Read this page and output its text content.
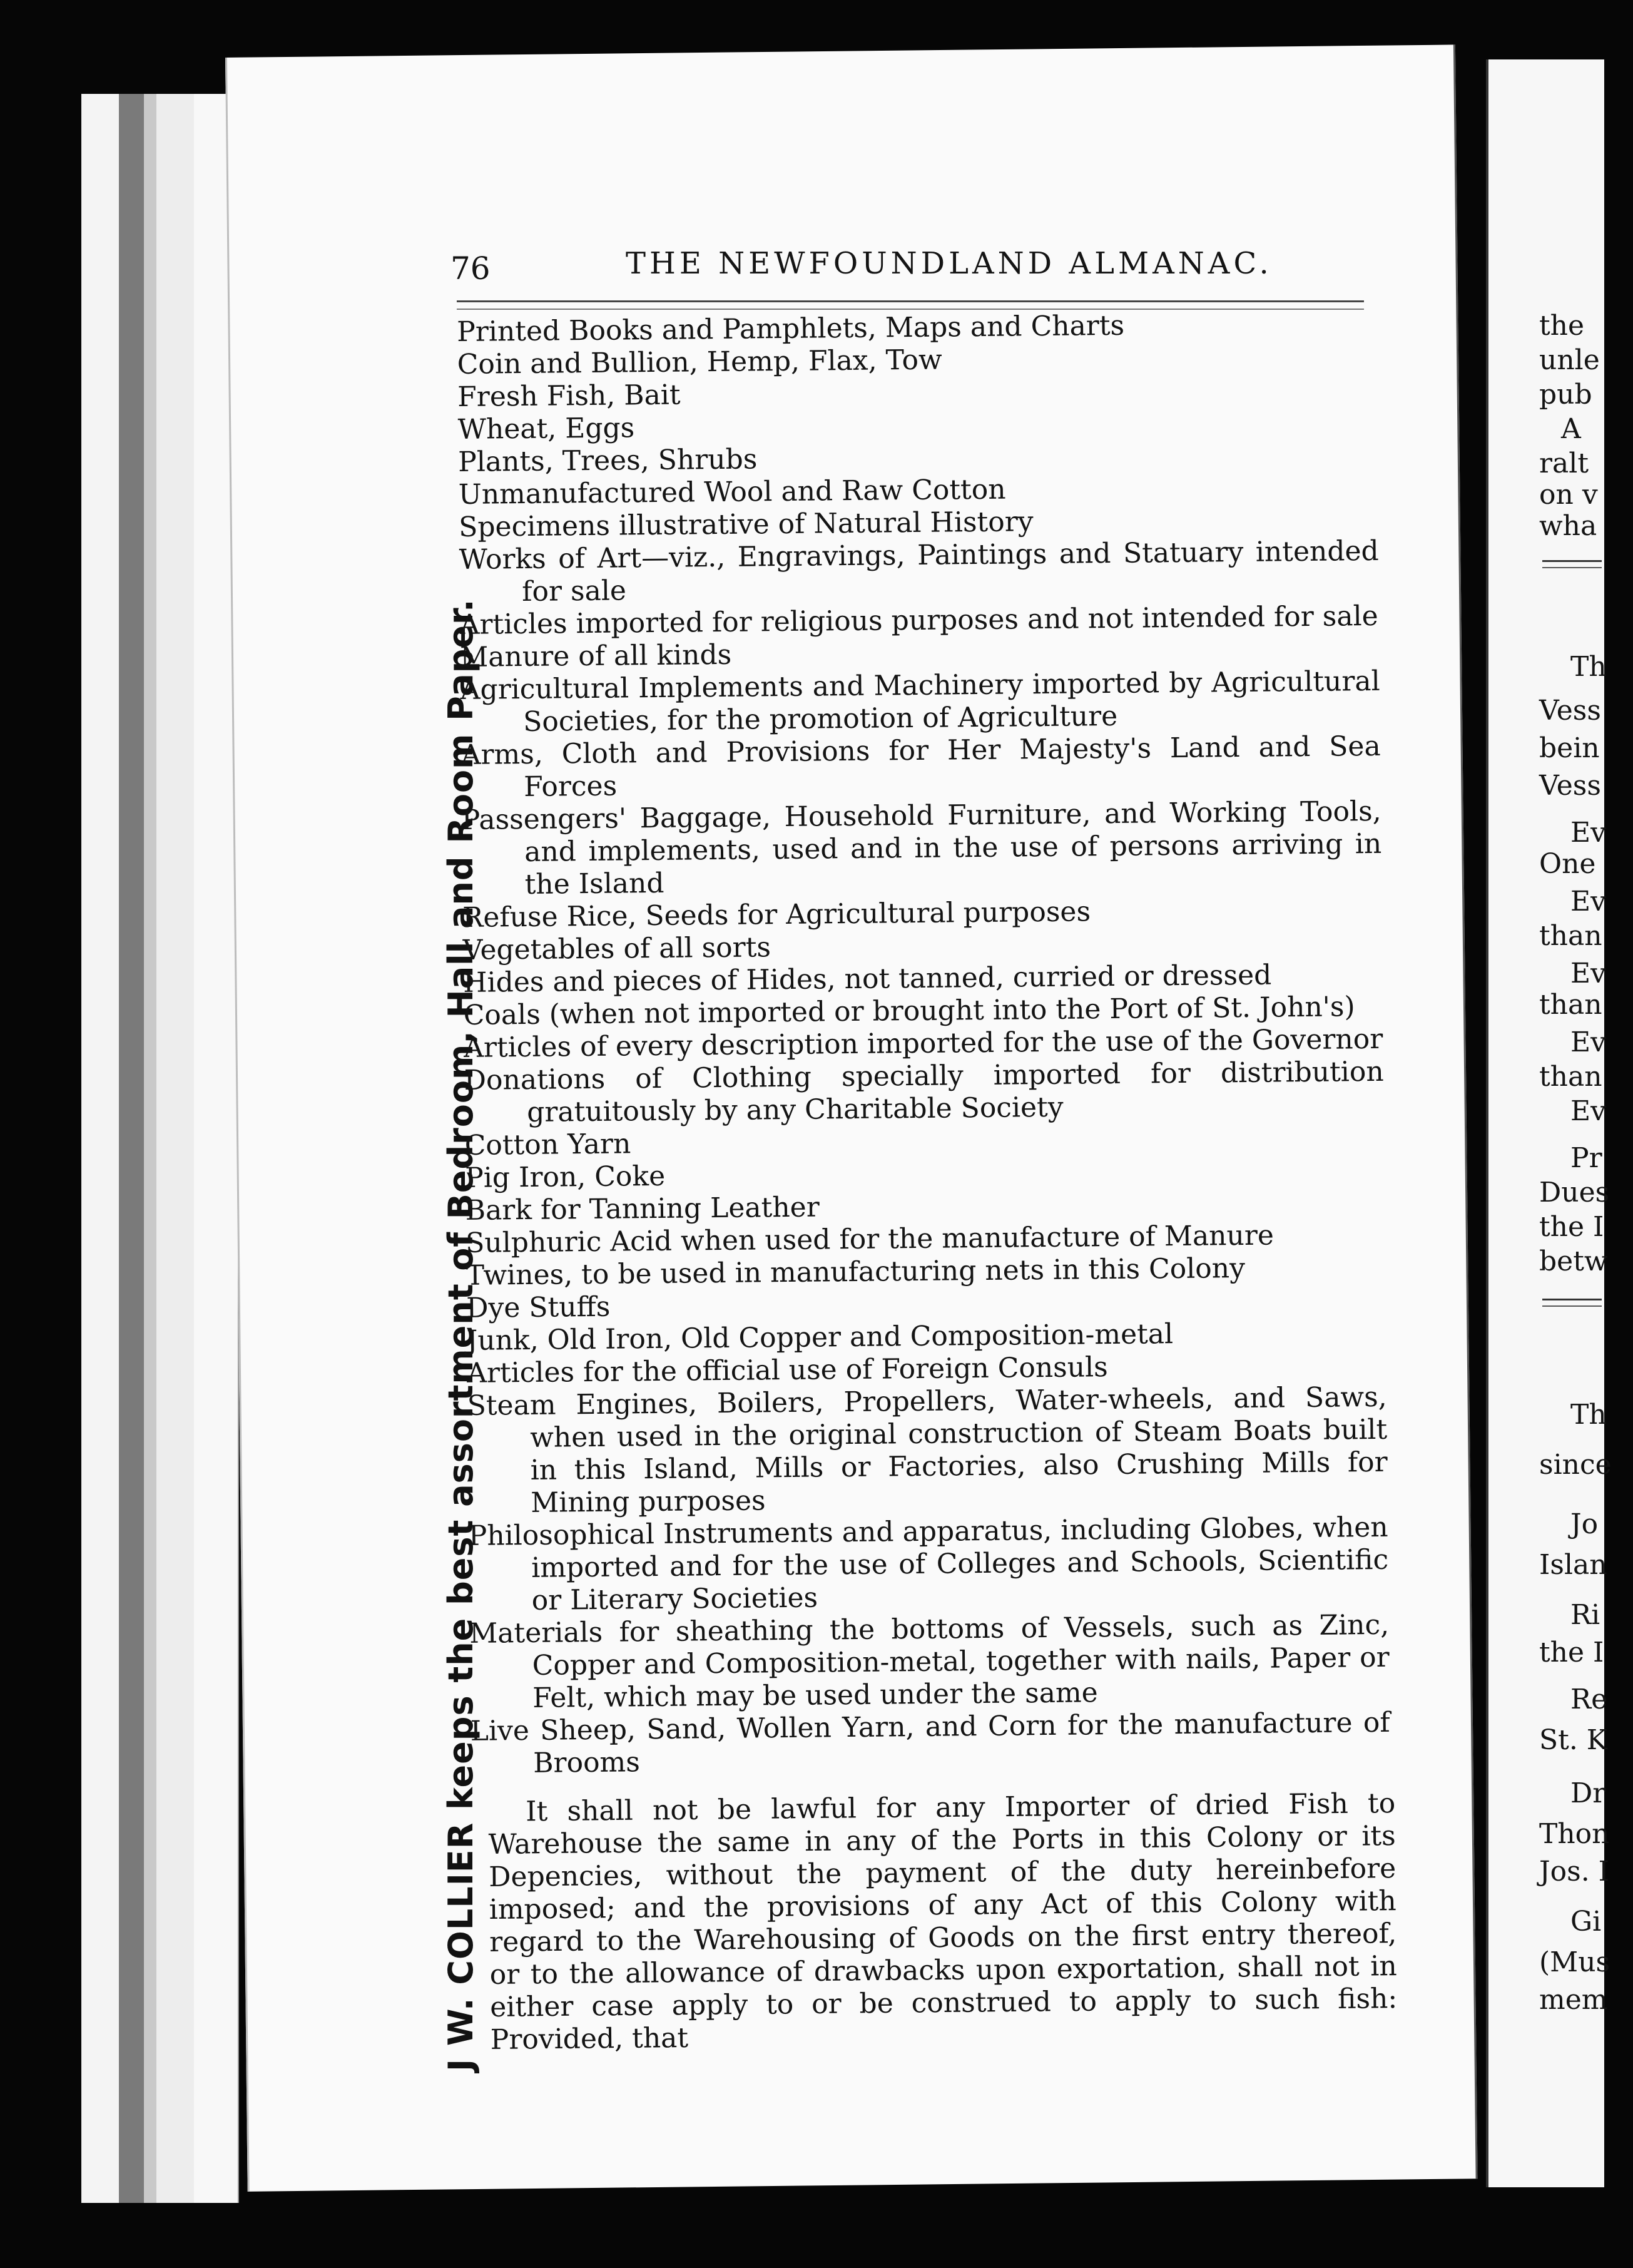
J W. COLLIER keeps the best assortment of Bedroom, Hall and Room Paper.
76	THE NEWFOUNDLAND ALMANAC.
Printed Books and Pamphlets, Maps and Charts
Coin and Bullion, Hemp, Flax, Tow
Fresh Fish, Bait
Wheat, Eggs
Plants, Trees, Shrubs
Unmanufactured Wool and Raw Cotton
Specimens illustrative of Natural History
Works of Art—viz., Engravings, Paintings and Statuary intended for sale
Articles imported for religious purposes and not intended for sale
Manure of all kinds
Agricultural Implements and Machinery imported by Agricultural Societies, for the promotion of Agriculture
Arms, Cloth and Provisions for Her Majesty's Land and Sea Forces
Passengers' Baggage, Household Furniture, and Working Tools, and implements, used and in the use of persons arriving in the Island
Refuse Rice, Seeds for Agricultural purposes
Vegetables of all sorts
Hides and pieces of Hides, not tanned, curried or dressed
Coals (when not imported or brought into the Port of St. John's)
Articles of every description imported for the use of the Governor
Donations of Clothing specially imported for distribution gratuitously by any Charitable Society
Cotton Yarn
Pig Iron, Coke
Bark for Tanning Leather
Sulphuric Acid when used for the manufacture of Manure
Twines, to be used in manufacturing nets in this Colony
Dye Stuffs
Junk, Old Iron, Old Copper and Composition-metal
Articles for the official use of Foreign Consuls
Steam Engines, Boilers, Propellers, Water-wheels, and Saws, when used in the original construction of Steam Boats built in this Island, Mills or Factories, also Crushing Mills for Mining purposes
Philosophical Instruments and apparatus, including Globes, when imported and for the use of Colleges and Schools, Scientific or Literary Societies
Materials for sheathing the bottoms of Vessels, such as Zinc, Copper and Composition-metal, together with nails, Paper or Felt, which may be used under the same
Live Sheep, Sand, Wollen Yarn, and Corn for the manufacture of Brooms

It shall not be lawful for any Importer of dried Fish to Warehouse the same in any of the Ports in this Colony or its Depencies, without the payment of the duty hereinbefore imposed; and the provisions of any Act of this Colony with regard to the Warehousing of Goods on the first entry thereof, or to the allowance of drawbacks upon exportation, shall not in either case apply to or be construed to apply to such fish: Provided, that

the
unle
pub
A
ralt
on v
wha
Th
Vess
bein
Vess
Ev
One
Ev
than
Ev
than
Ev
than
Ev
Pr
Dues
the I
betw
Th
since
Jo
Islan
Ri
the I
Re
St. K
Dr
Thon
Jos. I
Gi
(Mus
mem
